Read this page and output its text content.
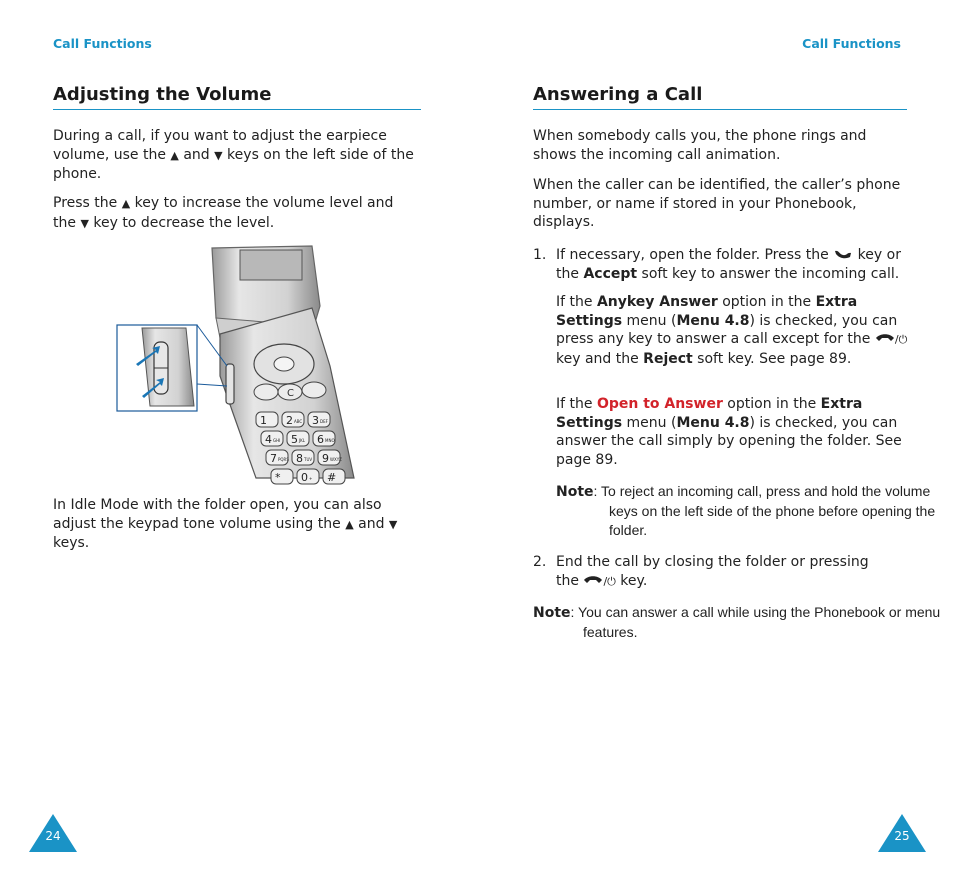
Call Functions
Adjusting the Volume

During a call, if you want to adjust the earpiece volume, use the ▲ and ▼ keys on the left side of the phone.

Press the ▲ key to increase the volume level and the ▼ key to decrease the level.

C
1 2 ABC 3 DEF
4 GHI 5 JKL 6 MNO
7 PQRS 8 TUV 9 WXYZ
* 0 + #

In Idle Mode with the folder open, you can also adjust the keypad tone volume using the ▲ and ▼ keys.

24
Call Functions
Answering a Call

When somebody calls you, the phone rings and shows the incoming call animation.

When the caller can be identified, the caller’s phone number, or name if stored in your Phonebook, displays.

1. If necessary, open the folder. Press the  key or the Accept soft key to answer the incoming call.

If the Anykey Answer option in the Extra Settings menu (Menu 4.8) is checked, you can press any key to answer a call except for the /⏻ key and the Reject soft key. See page 89.

If the Open to Answer option in the Extra Settings menu (Menu 4.8) is checked, you can answer the call simply by opening the folder. See page 89.

Note: To reject an incoming call, press and hold the volume keys on the left side of the phone before opening the folder.

2. End the call by closing the folder or pressing the /⏻ key.

Note: You can answer a call while using the Phonebook or menu features.

25
